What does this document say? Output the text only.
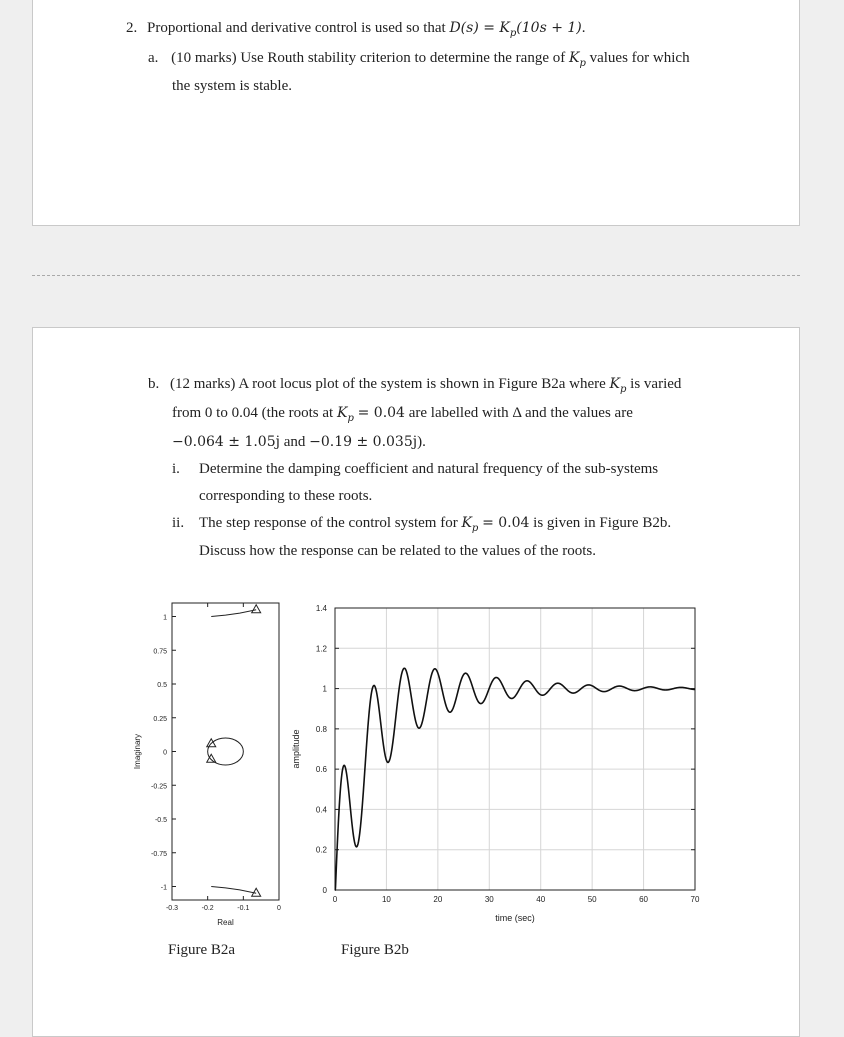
2. Proportional and derivative control is used so that $D(s) = K_p(10s + 1)$.
a. (10 marks) Use Routh stability criterion to determine the range of $K_p$ values for which
the system is stable.
b. (12 marks) A root locus plot of the system is shown in Figure B2a where $K_p$ is varied
from 0 to 0.04 (the roots at $K_p = 0.04$ are labelled with Δ and the values are
−0.064 ± 1.05j and −0.19 ± 0.035j).
i. Determine the damping coefficient and natural frequency of the sub-systems
corresponding to these roots.
ii. The step response of the control system for $K_p = 0.04$ is given in Figure B2b.
Discuss how the response can be related to the values of the roots.
1
0.75
0.5
0.25
0
-0.25
-0.5
-0.75
-1
-0.3	-0.2	-0.1	0
Real
Imaginary
0	10	20	30	40	50	60	70
0
0.2
0.4
0.6
0.8
1
1.2
1.4
time (sec)
amplitude
Figure B2a	Figure B2b
